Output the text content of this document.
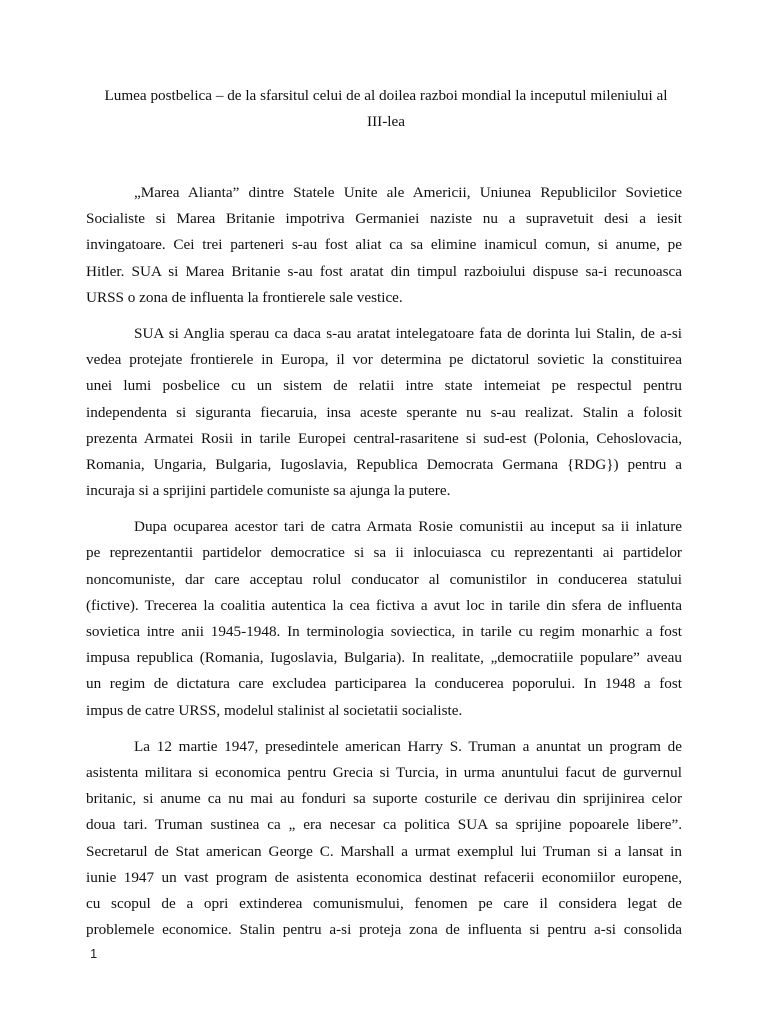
Lumea postbelica – de la sfarsitul celui de al doilea razboi mondial la inceputul mileniului al
III-lea

„Marea Alianta” dintre Statele Unite ale Americii, Uniunea Republicilor Sovietice
Socialiste si Marea Britanie impotriva Germaniei naziste nu a supravetuit desi a iesit
invingatoare. Cei trei parteneri s-au fost aliat ca sa elimine inamicul comun, si anume, pe
Hitler. SUA si Marea Britanie s-au fost aratat din timpul razboiului dispuse sa-i recunoasca
URSS o zona de influenta la frontierele sale vestice.

SUA si Anglia sperau ca daca s-au aratat intelegatoare fata de dorinta lui Stalin, de a-si
vedea protejate frontierele in Europa, il vor determina pe dictatorul sovietic la constituirea
unei lumi posbelice cu un sistem de relatii intre state intemeiat pe respectul pentru
independenta si siguranta fiecaruia, insa aceste sperante nu s-au realizat. Stalin a folosit
prezenta Armatei Rosii in tarile Europei central-rasaritene si sud-est (Polonia, Cehoslovacia,
Romania, Ungaria, Bulgaria, Iugoslavia, Republica Democrata Germana {RDG}) pentru a
incuraja si a sprijini partidele comuniste sa ajunga la putere.

Dupa ocuparea acestor tari de catra Armata Rosie comunistii au inceput sa ii inlature
pe reprezentantii partidelor democratice si sa ii inlocuiasca cu reprezentanti ai partidelor
noncomuniste, dar care acceptau rolul conducator al comunistilor in conducerea statului
(fictive). Trecerea la coalitia autentica la cea fictiva a avut loc in tarile din sfera de influenta
sovietica intre anii 1945-1948. In terminologia soviectica, in tarile cu regim monarhic a fost
impusa republica (Romania, Iugoslavia, Bulgaria). In realitate, „democratiile populare” aveau
un regim de dictatura care excludea participarea la conducerea poporului. In 1948 a fost
impus de catre URSS, modelul stalinist al societatii socialiste.

La 12 martie 1947, presedintele american Harry S. Truman a anuntat un program de
asistenta militara si economica pentru Grecia si Turcia, in urma anuntului facut de gurvernul
britanic, si anume ca nu mai au fonduri sa suporte costurile ce derivau din sprijinirea celor
doua tari. Truman sustinea ca „ era necesar ca politica SUA sa sprijine popoarele libere”.
Secretarul de Stat american George C. Marshall a urmat exemplul lui Truman si a lansat in
iunie 1947 un vast program de asistenta economica destinat refacerii economiilor europene,
cu scopul de a opri extinderea comunismului, fenomen pe care il considera legat de
problemele economice. Stalin pentru a-si proteja zona de influenta si pentru a-si consolida

1
